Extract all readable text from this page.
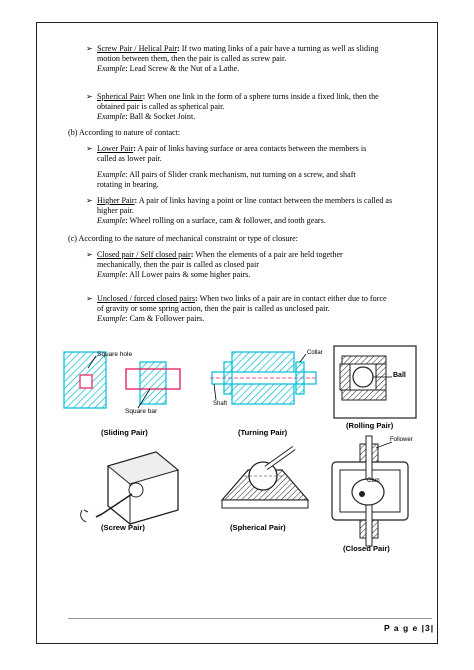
➢ Screw Pair / Helical Pair: If two mating links of a pair have a turning as well as sliding
motion between them, then the pair is called as screw pair.
Example: Lead Screw & the Nut of a Lathe.
➢ Spherical Pair: When one link in the form of a sphere turns inside a fixed link, then the
obtained pair is called as spherical pair.
Example: Ball & Socket Joint.
(b) According to nature of contact:
➢ Lower Pair: A pair of links having surface or area contacts between the members is
called as lower pair.

Example: All pairs of Slider crank mechanism, nut turning on a screw, and shaft
rotating in bearing.
➢ Higher Pair: A pair of links having a point or line contact between the members is called as
higher pair.
Example: Wheel rolling on a surface, cam & follower, and tooth gears.
(c) According to the nature of mechanical constraint or type of closure:
➢ Closed pair / Self closed pair: When the elements of a pair are held together
mechanically, then the pair is called as closed pair
Example: All Lower pairs & some higher pairs.
➢ Unclosed / forced closed pairs: When two links of a pair are in contact either due to force
of gravity or some spring action, then the pair is called as unclosed pair.
Example: Cam & Follower pairs.
Square hole
Square bar
Collar
Shaft
Ball
Follower
Cam
(Sliding Pair)	(Turning Pair)
(Rolling Pair)
(Screw Pair)	(Spherical Pair)
(Closed Pair)
P a g e |3|
